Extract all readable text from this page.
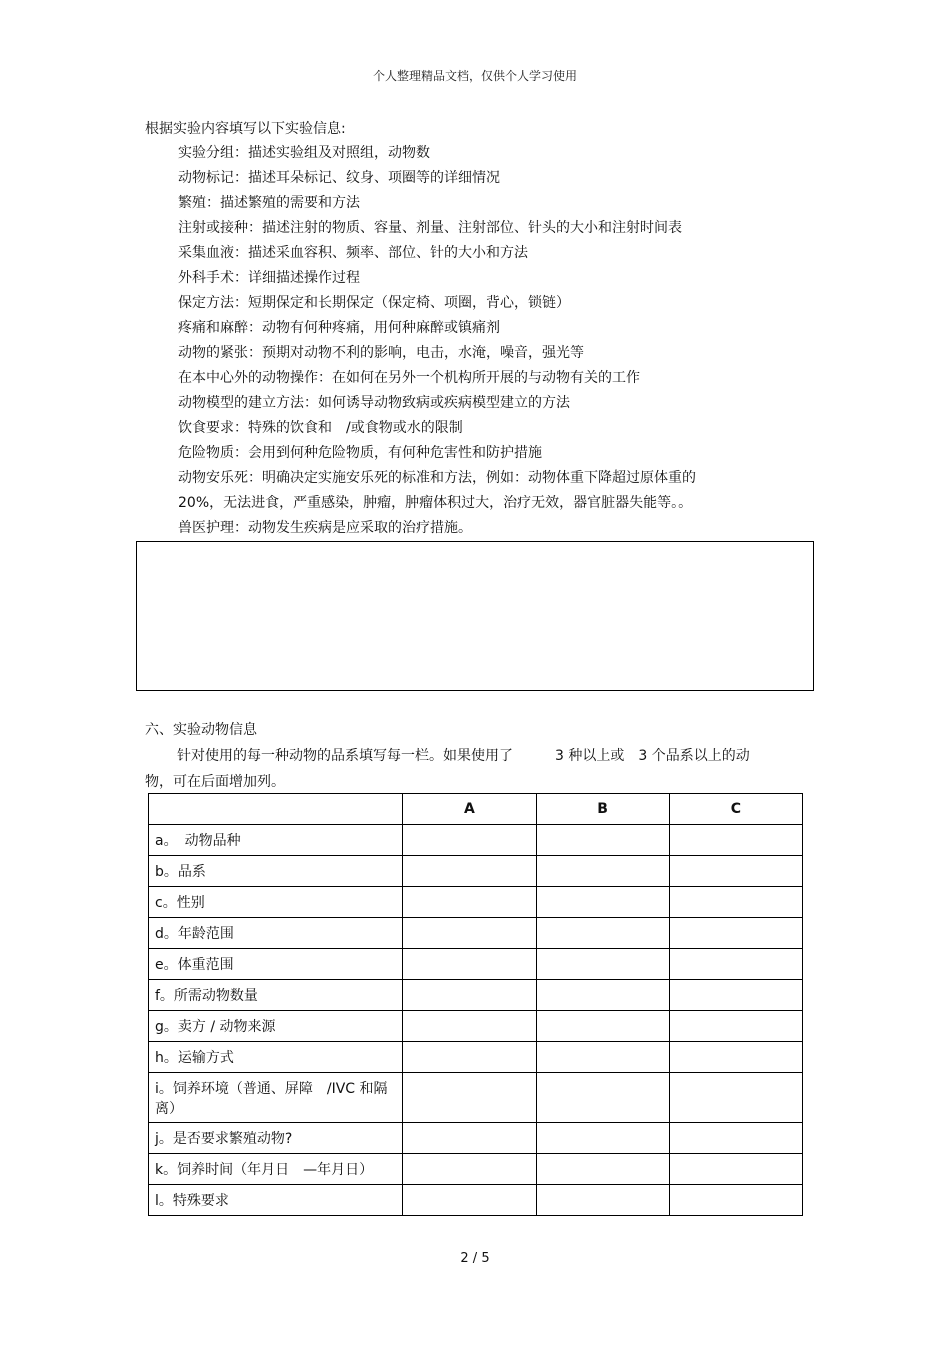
个人整理精品文档，仅供个人学习使用
根据实验内容填写以下实验信息:
实验分组：描述实验组及对照组，动物数
动物标记：描述耳朵标记、纹身、项圈等的详细情况
繁殖：描述繁殖的需要和方法
注射或接种：描述注射的物质、容量、剂量、注射部位、针头的大小和注射时间表
采集血液：描述采血容积、频率、部位、针的大小和方法
外科手术：详细描述操作过程
保定方法：短期保定和长期保定（保定椅、项圈，背心，锁链）
疼痛和麻醉：动物有何种疼痛，用何种麻醉或镇痛剂
动物的紧张：预期对动物不利的影响，电击，水淹，噪音，强光等
在本中心外的动物操作：在如何在另外一个机构所开展的与动物有关的工作
动物模型的建立方法：如何诱导动物致病或疾病模型建立的方法
饮食要求：特殊的饮食和　/或食物或水的限制
危险物质：会用到何种危险物质，有何种危害性和防护措施
动物安乐死：明确决定实施安乐死的标准和方法，例如：动物体重下降超过原体重的
20%，无法进食，严重感染，肿瘤，肿瘤体积过大，治疗无效，器官脏器失能等。。
兽医护理：动物发生疾病是应采取的治疗措施。
六、实验动物信息
针对使用的每一种动物的品系填写每一栏。如果使用了　　　3 种以上或　3 个品系以上的动
物，可在后面增加列。
	A	B	C
a。　动物品种			
b。品系			
c。性别			
d。年龄范围			
e。体重范围			
f。所需动物数量			
g。卖方 / 动物来源			
h。运输方式			
i。饲养环境（普通、屏障　/IVC 和隔离）			
j。是否要求繁殖动物?			
k。饲养时间（年月日　—年月日）			
l。特殊要求			
2 / 5
